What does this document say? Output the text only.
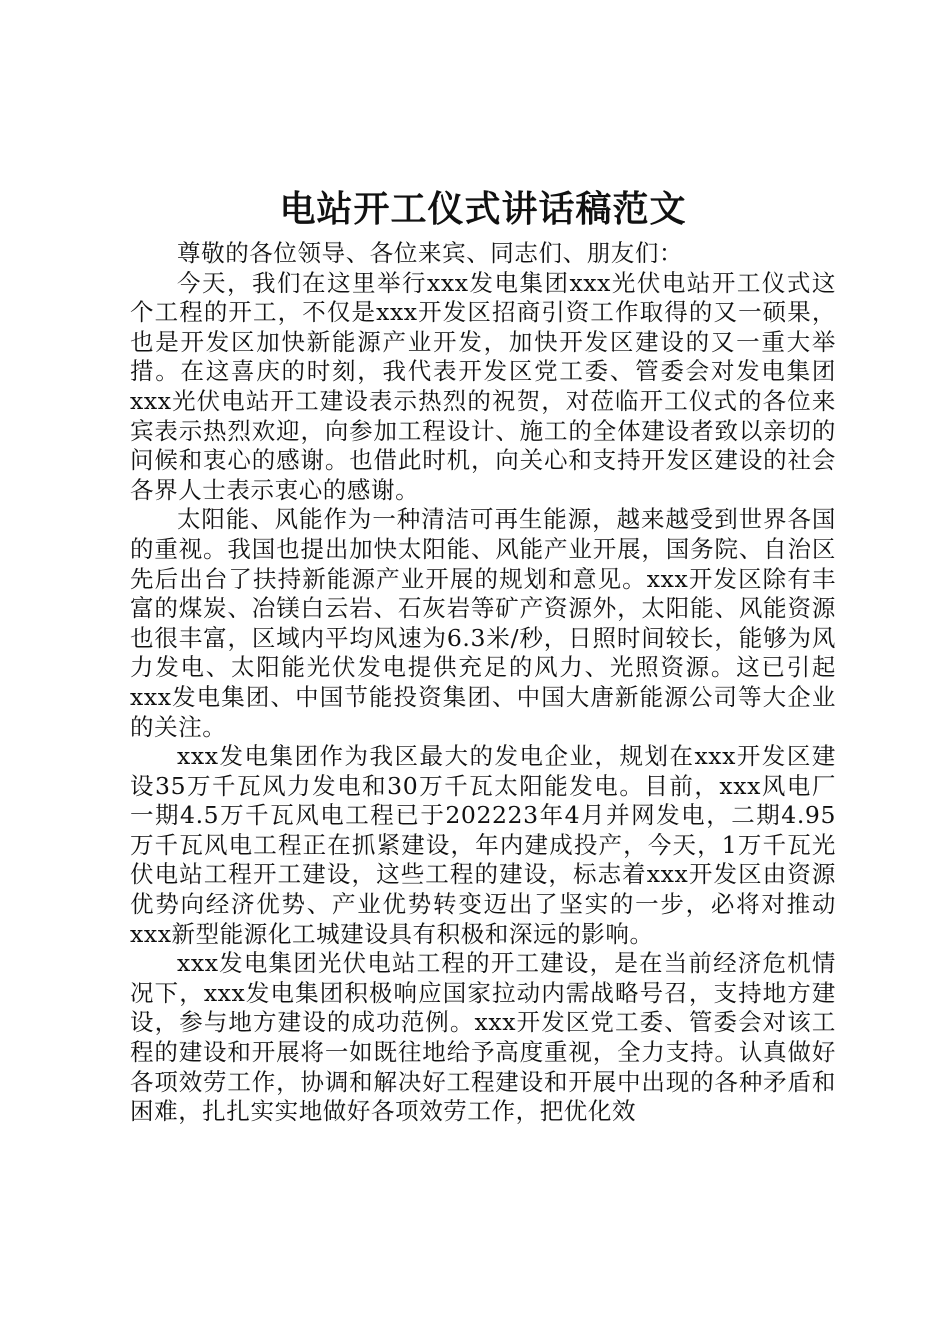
电站开工仪式讲话稿范文

尊敬的各位领导、各位来宾、同志们、朋友们：

今天，我们在这里举行xxx发电集团xxx光伏电站开工仪式这个工程的开工，不仅是xxx开发区招商引资工作取得的又一硕果，也是开发区加快新能源产业开发，加快开发区建设的又一重大举措。在这喜庆的时刻，我代表开发区党工委、管委会对发电集团xxx光伏电站开工建设表示热烈的祝贺，对莅临开工仪式的各位来宾表示热烈欢迎，向参加工程设计、施工的全体建设者致以亲切的问候和衷心的感谢。也借此时机，向关心和支持开发区建设的社会各界人士表示衷心的感谢。

太阳能、风能作为一种清洁可再生能源，越来越受到世界各国的重视。我国也提出加快太阳能、风能产业开展，国务院、自治区先后出台了扶持新能源产业开展的规划和意见。xxx开发区除有丰富的煤炭、冶镁白云岩、石灰岩等矿产资源外，太阳能、风能资源也很丰富，区域内平均风速为6.3米/秒，日照时间较长，能够为风力发电、太阳能光伏发电提供充足的风力、光照资源。这已引起xxx发电集团、中国节能投资集团、中国大唐新能源公司等大企业的关注。

xxx发电集团作为我区最大的发电企业，规划在xxx开发区建设35万千瓦风力发电和30万千瓦太阳能发电。目前，xxx风电厂一期4.5万千瓦风电工程已于202223年4月并网发电，二期4.95万千瓦风电工程正在抓紧建设，年内建成投产，今天，1万千瓦光伏电站工程开工建设，这些工程的建设，标志着xxx开发区由资源优势向经济优势、产业优势转变迈出了坚实的一步，必将对推动xxx新型能源化工城建设具有积极和深远的影响。

xxx发电集团光伏电站工程的开工建设，是在当前经济危机情况下，xxx发电集团积极响应国家拉动内需战略号召，支持地方建设，参与地方建设的成功范例。xxx开发区党工委、管委会对该工程的建设和开展将一如既往地给予高度重视，全力支持。认真做好各项效劳工作，协调和解决好工程建设和开展中出现的各种矛盾和困难，扎扎实实地做好各项效劳工作，把优化效
